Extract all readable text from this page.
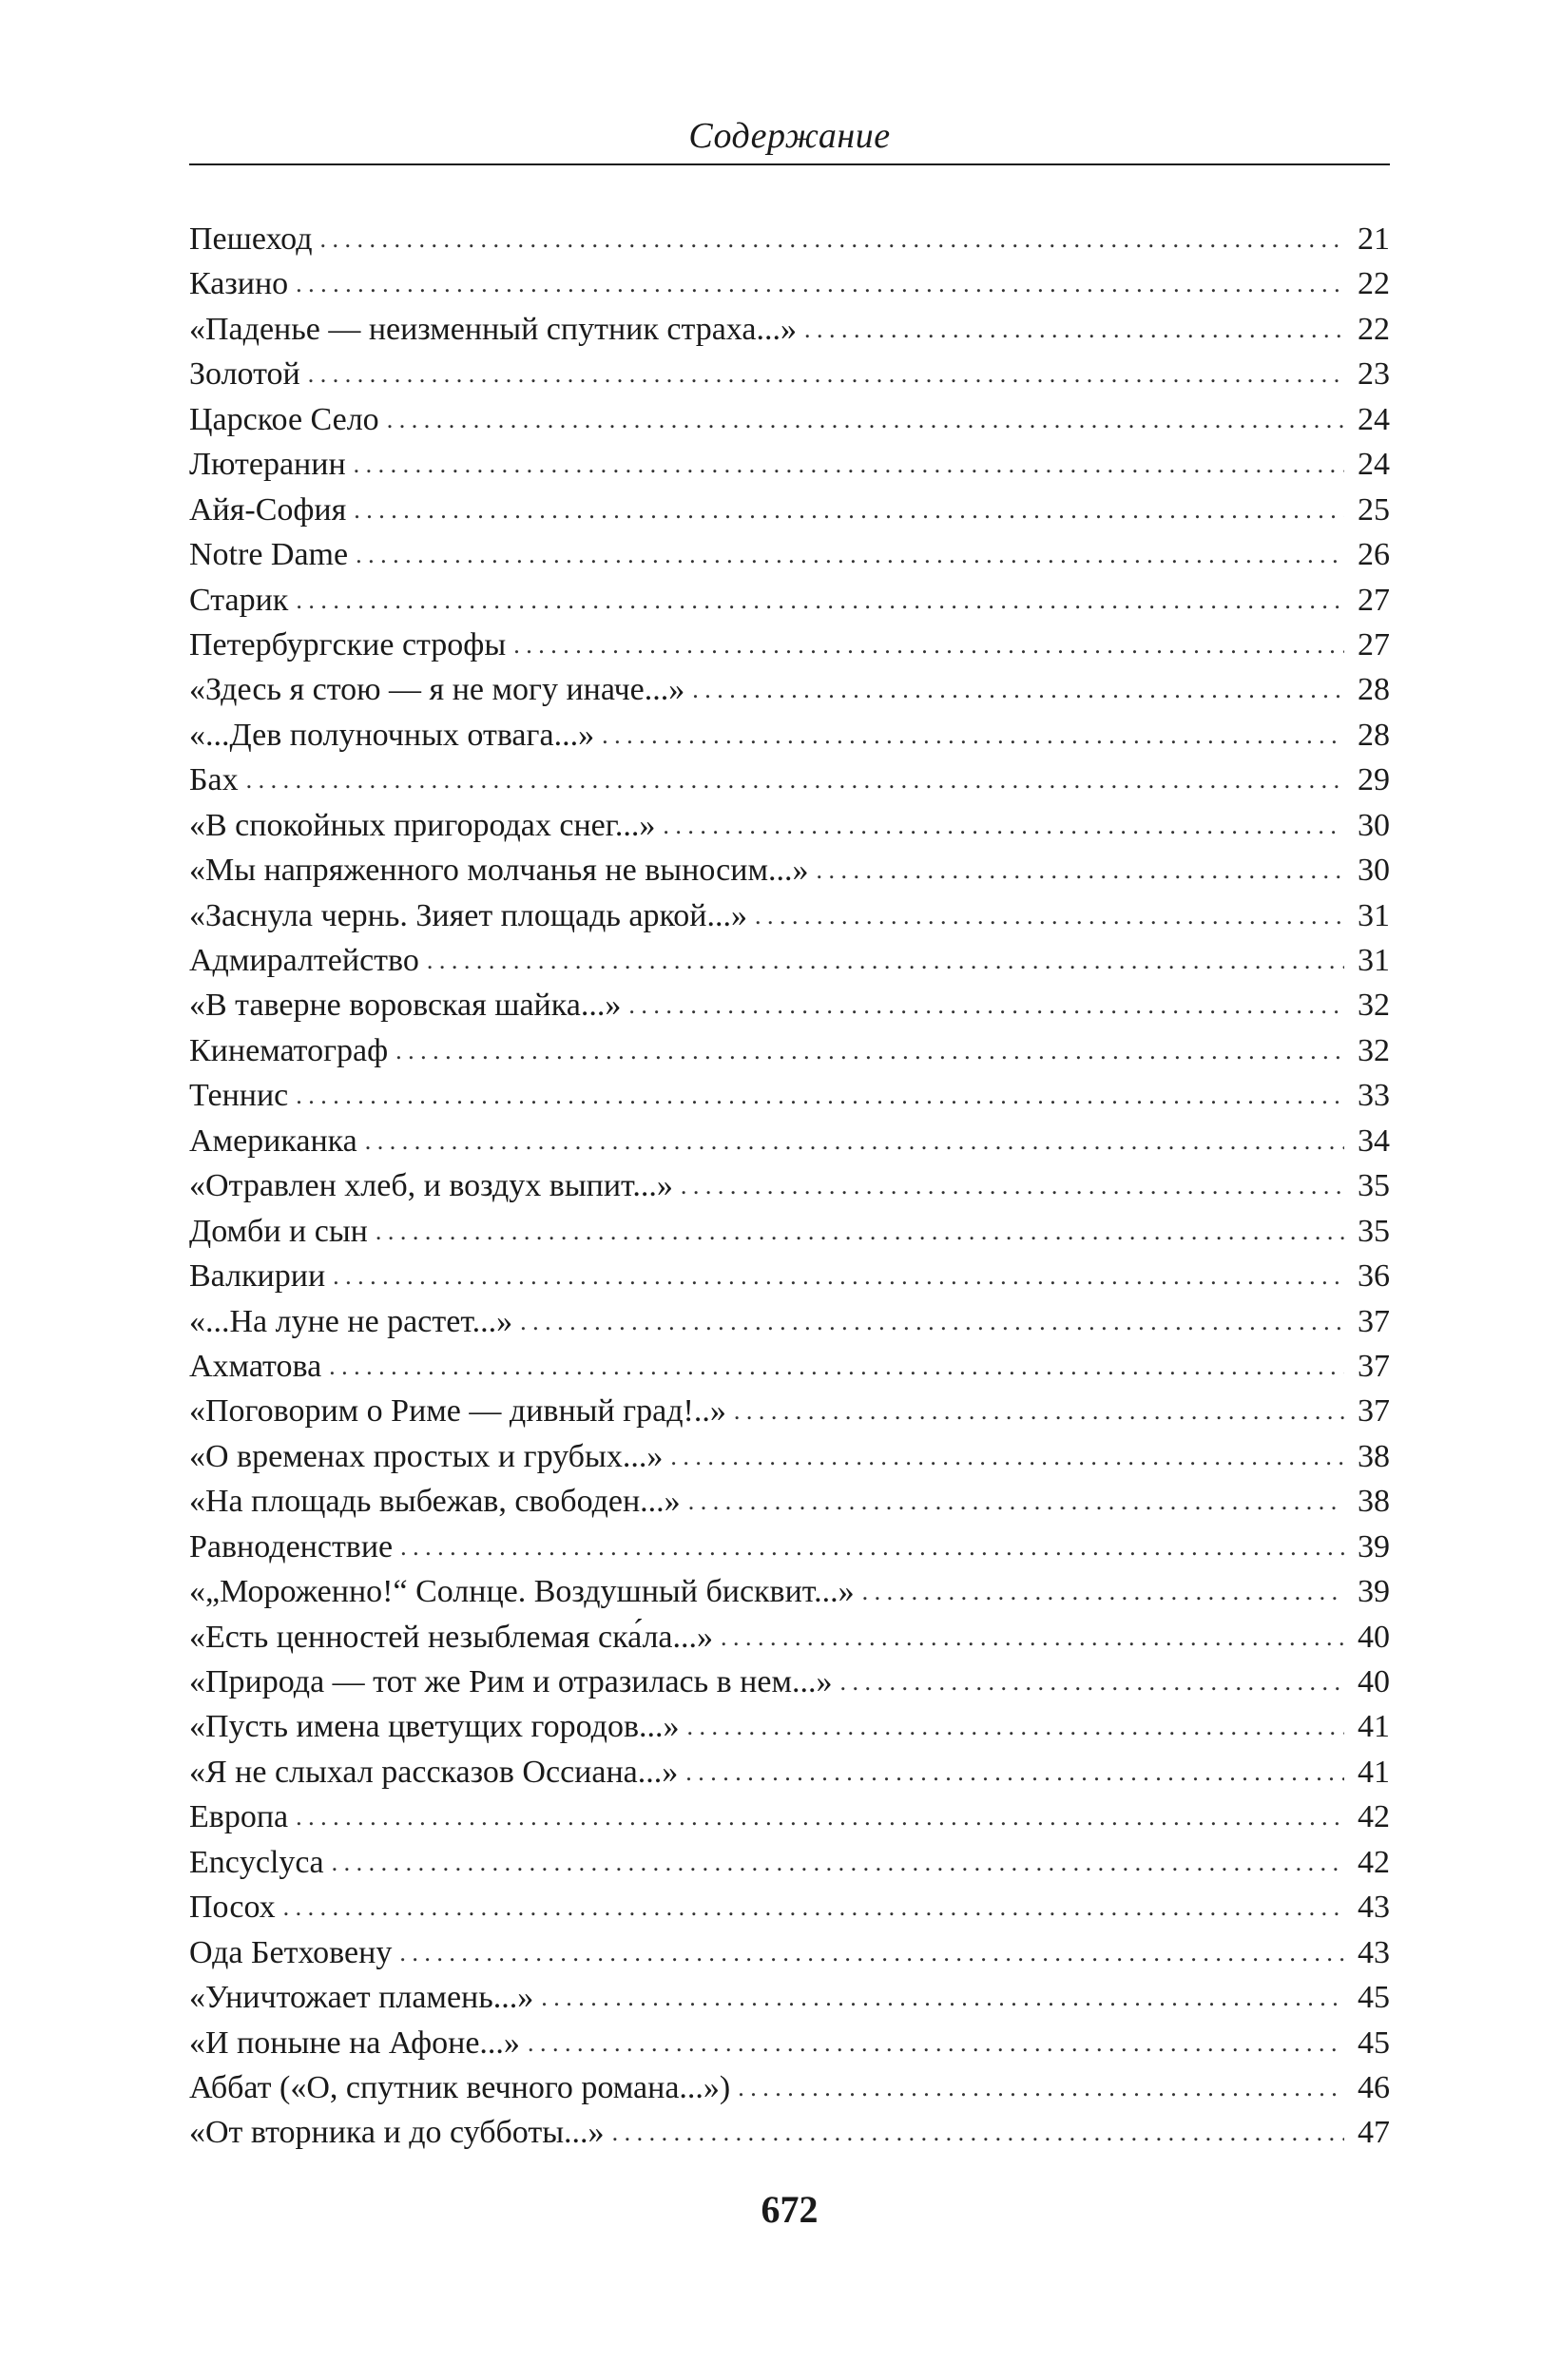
Содержание
Пешеход . . .	21
Казино . . .	22
«Паденье — неизменный спутник страха...» . . .	22
Золотой . . .	23
Царское Село . . .	24
Лютеранин . . .	24
Айя-София . . .	25
Notre Dame . . .	26
Старик . . .	27
Петербургские строфы . . .	27
«Здесь я стою — я не могу иначе...» . . .	28
«...Дев полуночных отвага...» . . .	28
Бах . . .	29
«В спокойных пригородах снег...» . . .	30
«Мы напряженного молчанья не выносим...» . . .	30
«Заснула чернь. Зияет площадь аркой...» . . .	31
Адмиралтейство . . .	31
«В таверне воровская шайка...» . . .	32
Кинематограф . . .	32
Теннис . . .	33
Американка . . .	34
«Отравлен хлеб, и воздух выпит...» . . .	35
Домби и сын . . .	35
Валкирии . . .	36
«...На луне не растет...» . . .	37
Ахматова . . .	37
«Поговорим о Риме — дивный град!..» . . .	37
«О временах простых и грубых...» . . .	38
«На площадь выбежав, свободен...» . . .	38
Равноденствие . . .	39
«„Мороженно!“ Солнце. Воздушный бисквит...» . . .	39
«Есть ценностей незыблемая ска́ла...» . . .	40
«Природа — тот же Рим и отразилась в нем...» . . .	40
«Пусть имена цветущих городов...» . . .	41
«Я не слыхал рассказов Оссиана...» . . .	41
Европа . . .	42
Encyclyca . . .	42
Посох . . .	43
Ода Бетховену . . .	43
«Уничтожает пламень...» . . .	45
«И поныне на Афоне...» . . .	45
Аббат («О, спутник вечного романа...») . . .	46
«От вторника и до субботы...» . . .	47
672
